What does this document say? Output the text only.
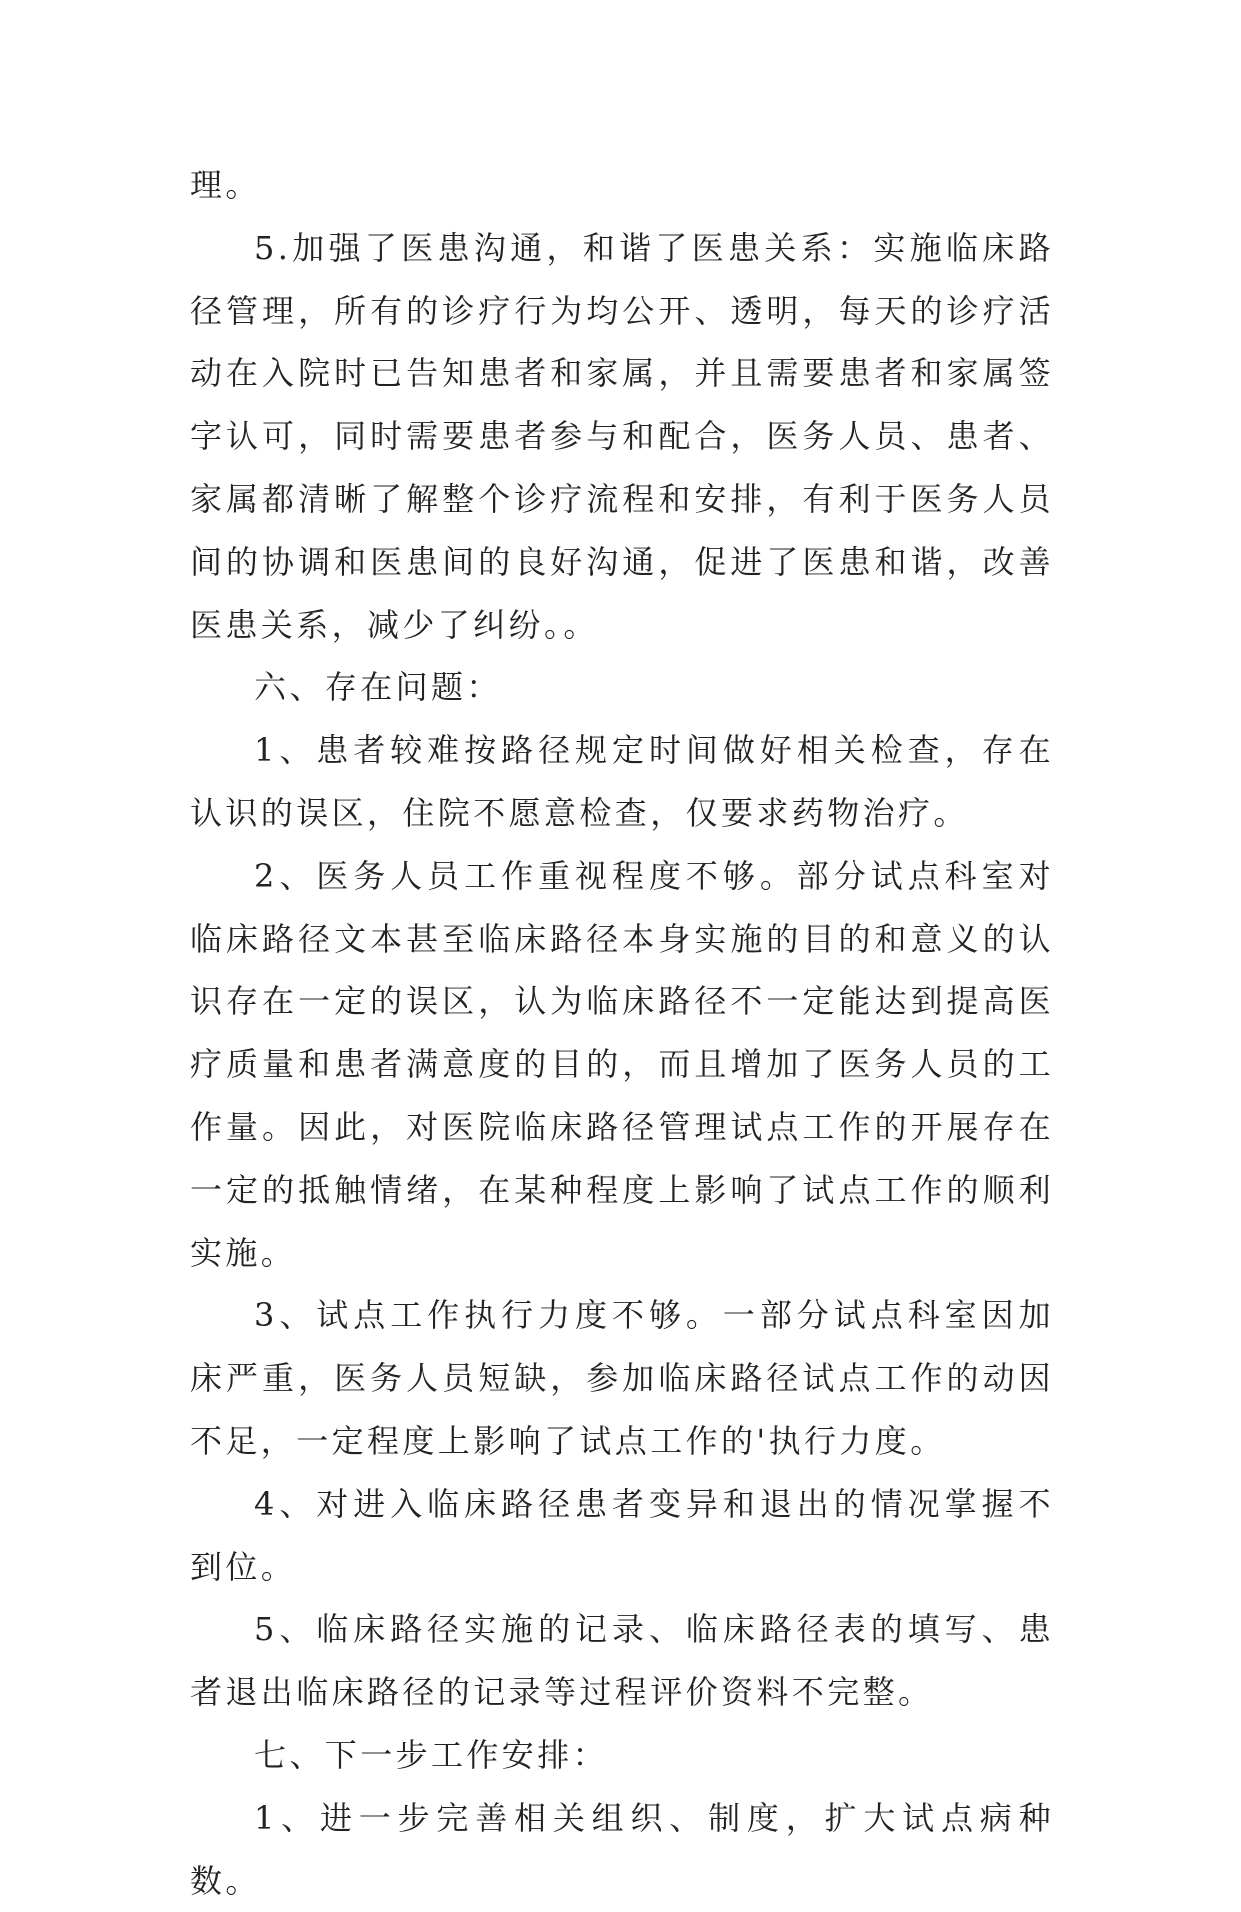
理。

5.加强了医患沟通，和谐了医患关系：实施临床路径管理，所有的诊疗行为均公开、透明，每天的诊疗活动在入院时已告知患者和家属，并且需要患者和家属签字认可，同时需要患者参与和配合，医务人员、患者、家属都清晰了解整个诊疗流程和安排，有利于医务人员间的协调和医患间的良好沟通，促进了医患和谐，改善医患关系，减少了纠纷。。

六、存在问题：

1、患者较难按路径规定时间做好相关检查，存在认识的误区，住院不愿意检查，仅要求药物治疗。

2、医务人员工作重视程度不够。部分试点科室对临床路径文本甚至临床路径本身实施的目的和意义的认识存在一定的误区，认为临床路径不一定能达到提高医疗质量和患者满意度的目的，而且增加了医务人员的工作量。因此，对医院临床路径管理试点工作的开展存在一定的抵触情绪，在某种程度上影响了试点工作的顺利实施。

3、试点工作执行力度不够。一部分试点科室因加床严重，医务人员短缺，参加临床路径试点工作的动因不足，一定程度上影响了试点工作的'执行力度。

4、对进入临床路径患者变异和退出的情况掌握不到位。

5、临床路径实施的记录、临床路径表的填写、患者退出临床路径的记录等过程评价资料不完整。

七、下一步工作安排：

1、进一步完善相关组织、制度，扩大试点病种数。
